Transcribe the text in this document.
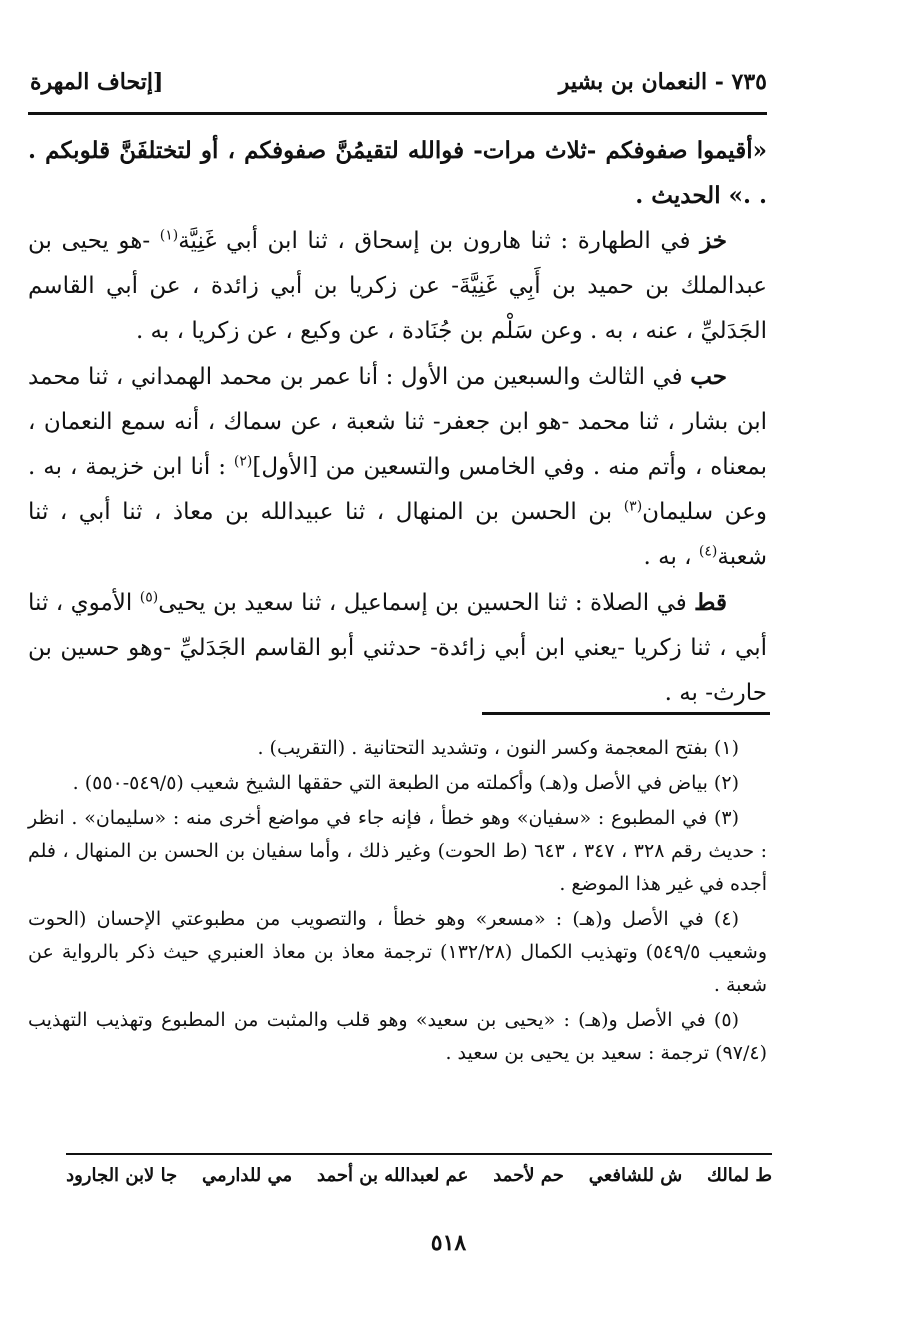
٧٣٥ - النعمان بن بشير
[إتحاف المهرة

«أقيموا صفوفكم -ثلاث مرات- فوالله لتقيمُنَّ صفوفكم ، أو لتختلفَنَّ قلوبكم . . .» الحديث .

خز في الطهارة : ثنا هارون بن إسحاق ، ثنا ابن أبي غَنِيَّة$^{(١)}$ -هو يحيى بن عبدالملك بن حميد بن أَبِي غَنِيَّةَ- عن زكريا بن أبي زائدة ، عن أبي القاسم الجَدَليِّ ، عنه ، به . وعن سَلْم بن جُنَادة ، عن وكيع ، عن زكريا ، به .

حب في الثالث والسبعين من الأول : أنا عمر بن محمد الهمداني ، ثنا محمد ابن بشار ، ثنا محمد -هو ابن جعفر- ثنا شعبة ، عن سماك ، أنه سمع النعمان ، بمعناه ، وأتم منه . وفي الخامس والتسعين من [الأول]$^{(٢)}$ : أنا ابن خزيمة ، به . وعن سليمان$^{(٣)}$ بن الحسن بن المنهال ، ثنا عبيدالله بن معاذ ، ثنا أبي ، ثنا شعبة$^{(٤)}$ ، به .

قط في الصلاة : ثنا الحسين بن إسماعيل ، ثنا سعيد بن يحيى$^{(٥)}$ الأموي ، ثنا أبي ، ثنا زكريا -يعني ابن أبي زائدة- حدثني أبو القاسم الجَدَليِّ -وهو حسين بن حارث- به .

(١) بفتح المعجمة وكسر النون ، وتشديد التحتانية . (التقريب) .

(٢) بياض في الأصل و(هـ) وأكملته من الطبعة التي حققها الشيخ شعيب (٥٤٩/٥-٥٥٠) .

(٣) في المطبوع : «سفيان» وهو خطأ ، فإنه جاء في مواضع أخرى منه : «سليمان» . انظر : حديث رقم ٣٢٨ ، ٣٤٧ ، ٦٤٣ (ط الحوت) وغير ذلك ، وأما سفيان بن الحسن بن المنهال ، فلم أجده في غير هذا الموضع .

(٤) في الأصل و(هـ) : «مسعر» وهو خطأ ، والتصويب من مطبوعتي الإحسان (الحوت وشعيب ٥٤٩/٥) وتهذيب الكمال (١٣٢/٢٨) ترجمة معاذ بن معاذ العنبري حيث ذكر بالرواية عن شعبة .

(٥) في الأصل و(هـ) : «يحيى بن سعيد» وهو قلب والمثبت من المطبوع وتهذيب التهذيب (٩٧/٤) ترجمة : سعيد بن يحيى بن سعيد .

ط لمالك
ش للشافعي
حم لأحمد
عم لعبدالله بن أحمد
مي للدارمي
جا لابن الجارود
٥١٨
